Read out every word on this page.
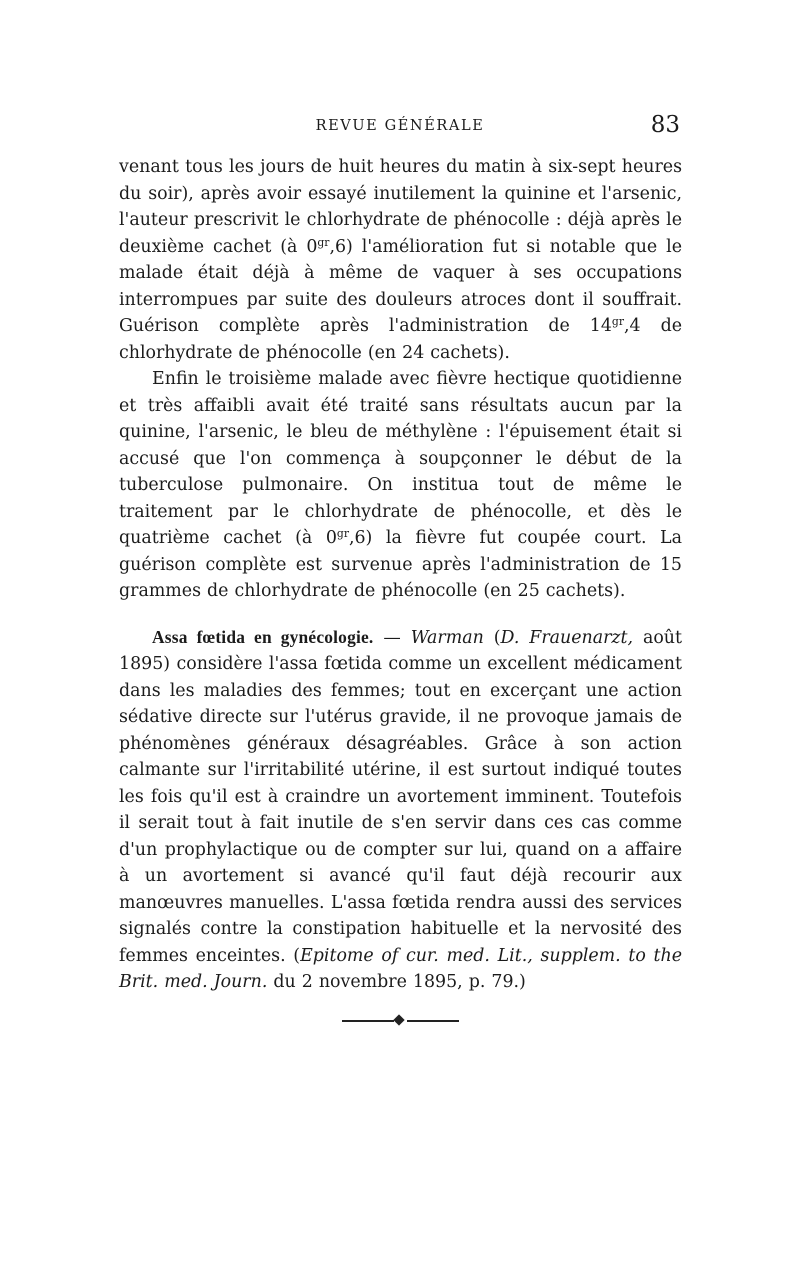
REVUE GÉNÉRALE	83

venant tous les jours de huit heures du matin à six-sept heures du soir), après avoir essayé inutilement la quinine et l'arsenic, l'auteur prescrivit le chlorhydrate de phénocolle : déjà après le deuxième cachet (à $0^{gr},6$) l'amélioration fut si notable que le malade était déjà à même de vaquer à ses occupations interrompues par suite des douleurs atroces dont il souffrait. Guérison complète après l'administration de $14^{gr},4$ de chlorhydrate de phénocolle (en 24 cachets).

Enfin le troisième malade avec fièvre hectique quotidienne et très affaibli avait été traité sans résultats aucun par la quinine, l'arsenic, le bleu de méthylène : l'épuisement était si accusé que l'on commença à soupçonner le début de la tuberculose pulmonaire. On institua tout de même le traitement par le chlorhydrate de phénocolle, et dès le quatrième cachet (à $0^{gr},6$) la fièvre fut coupée court. La guérison complète est survenue après l'administration de 15 grammes de chlorhydrate de phénocolle (en 25 cachets).

Assa fœtida en gynécologie. — Warman (D. Frauenarzt, août 1895) considère l'assa fœtida comme un excellent médicament dans les maladies des femmes; tout en excerçant une action sédative directe sur l'utérus gravide, il ne provoque jamais de phénomènes généraux désagréables. Grâce à son action calmante sur l'irritabilité utérine, il est surtout indiqué toutes les fois qu'il est à craindre un avortement imminent. Toutefois il serait tout à fait inutile de s'en servir dans ces cas comme d'un prophylactique ou de compter sur lui, quand on a affaire à un avortement si avancé qu'il faut déjà recourir aux manœuvres manuelles. L'assa fœtida rendra aussi des services signalés contre la constipation habituelle et la nervosité des femmes enceintes. (Epitome of cur. med. Lit., supplem. to the Brit. med. Journ. du 2 novembre 1895, p. 79.)
